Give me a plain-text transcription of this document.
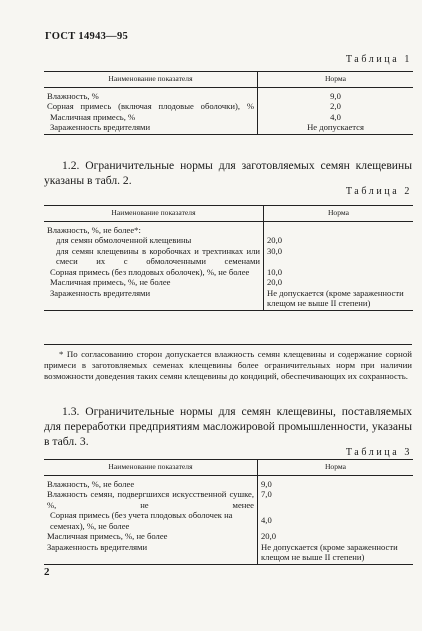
ГОСТ 14943—95
Таблица 1
Наименование показателя	Норма
Влажность, %	9,0
Сорная примесь (включая плодовые оболочки), %	2,0
Масличная примесь, %	4,0
Зараженность вредителями	Не допускается
1.2. Ограничительные нормы для заготовляемых семян клещевины указаны в табл. 2.
Таблица 2
Наименование показателя	Норма
Влажность, %, не более*:	
для семян обмолоченной клещевины	20,0
для семян клещевины в коробочках и трехтинках или смеси их с обмолоченными семенами	30,0
Сорная примесь (без плодовых оболочек), %, не более	10,0
Масличная примесь, %, не более	20,0
Зараженность вредителями	Не допускается (кроме зараженности клещом не выше II степени)
* По согласованию сторон допускается влажность семян клещевины и содержание сорной примеси в заготовляемых семенах клещевины более ограничительных норм при наличии возможности доведения таких семян клещевины до кондиций, обеспечивающих их сохранность.
1.3. Ограничительные нормы для семян клещевины, поставляемых для переработки предприятиям масложировой промышленности, указаны в табл. 3.
Таблица 3
Наименование показателя	Норма
Влажность, %, не более	9,0
Влажность семян, подвергшихся искусственной сушке, %, не менее	7,0
Сорная примесь (без учета плодовых оболочек на семенах), %, не более	4,0
Масличная примесь, %, не более	20,0
Зараженность вредителями	Не допускается (кроме зараженности клещом не выше II степени)
2
